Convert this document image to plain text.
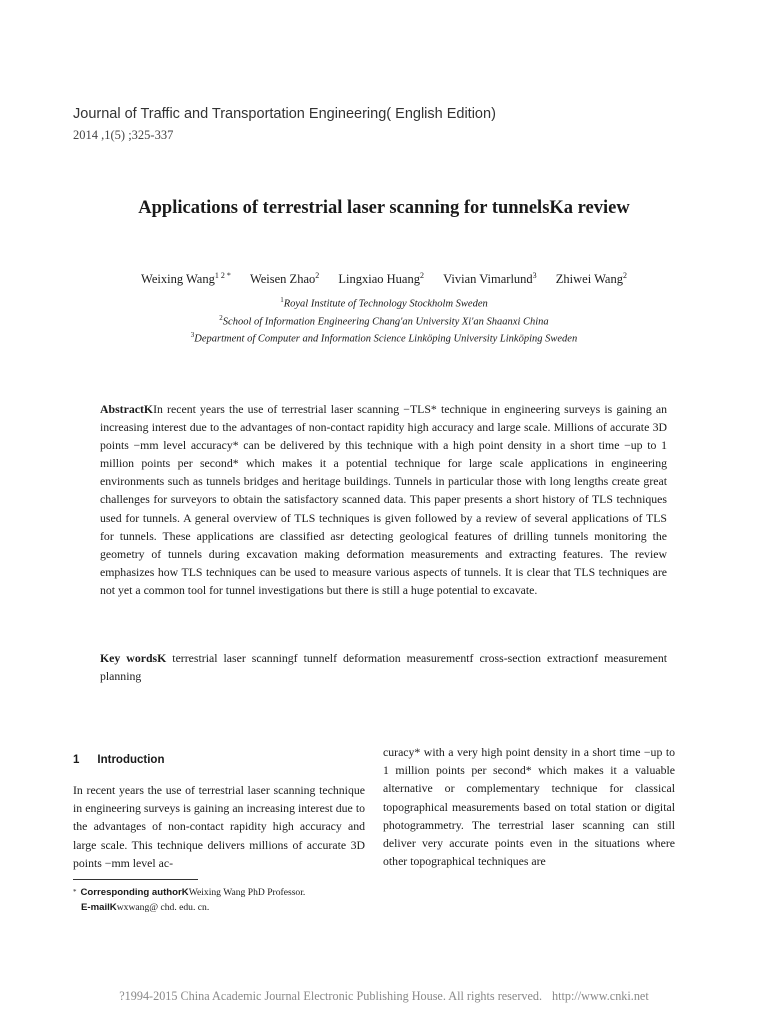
Journal of Traffic and Transportation Engineering( English Edition)
2014 ,1(5) ;325-337
Applications of terrestrial laser scanning for tunnelsKa review
Weixing Wang$^{1 2 *}$ Weisen Zhao$^2$ Lingxiao Huang$^2$ Vivian Vimarlund$^3$ Zhiwei Wang$^2$
$^1$Royal Institute of Technology Stockholm Sweden
$^2$School of Information Engineering Chang'an University Xi'an Shaanxi China
$^3$Department of Computer and Information Science Linköping University Linköping Sweden

AbstractKIn recent years the use of terrestrial laser scanning −TLS* technique in engineering surveys is gaining an increasing interest due to the advantages of non-contact rapidity high accuracy and large scale. Millions of accurate 3D points −mm level accuracy* can be delivered by this technique with a high point density in a short time −up to 1 million points per second* which makes it a potential technique for large scale applications in engineering environments such as tunnels bridges and heritage buildings. Tunnels in particular those with long lengths create great challenges for surveyors to obtain the satisfactory scanned data. This paper presents a short history of TLS techniques used for tunnels. A general overview of TLS techniques is given followed by a review of several applications of TLS for tunnels. These applications are classified asr detecting geological features of drilling tunnels monitoring the geometry of tunnels during excavation making deformation measurements and extracting features. The review emphasizes how TLS techniques can be used to measure various aspects of tunnels. It is clear that TLS techniques are not yet a common tool for tunnel investigations but there is still a huge potential to excavate.

Key wordsK terrestrial laser scanningf tunnelf deformation measurementf cross-section extractionf measurement planning

1 Introduction

In recent years the use of terrestrial laser scanning technique in engineering surveys is gaining an increasing interest due to the advantages of non-contact rapidity high accuracy and large scale. This technique delivers millions of accurate 3D points −mm level ac-

curacy* with a very high point density in a short time −up to 1 million points per second* which makes it a valuable alternative or complementary technique for classical topographical measurements based on total station or digital photogrammetry. The terrestrial laser scanning can still deliver very accurate points even in the situations where other topographical techniques are

* Corresponding authorKWeixing Wang PhD Professor.
E-mailKwxwang@ chd. edu. cn.

?1994-2015 China Academic Journal Electronic Publishing House. All rights reserved. http://www.cnki.net
